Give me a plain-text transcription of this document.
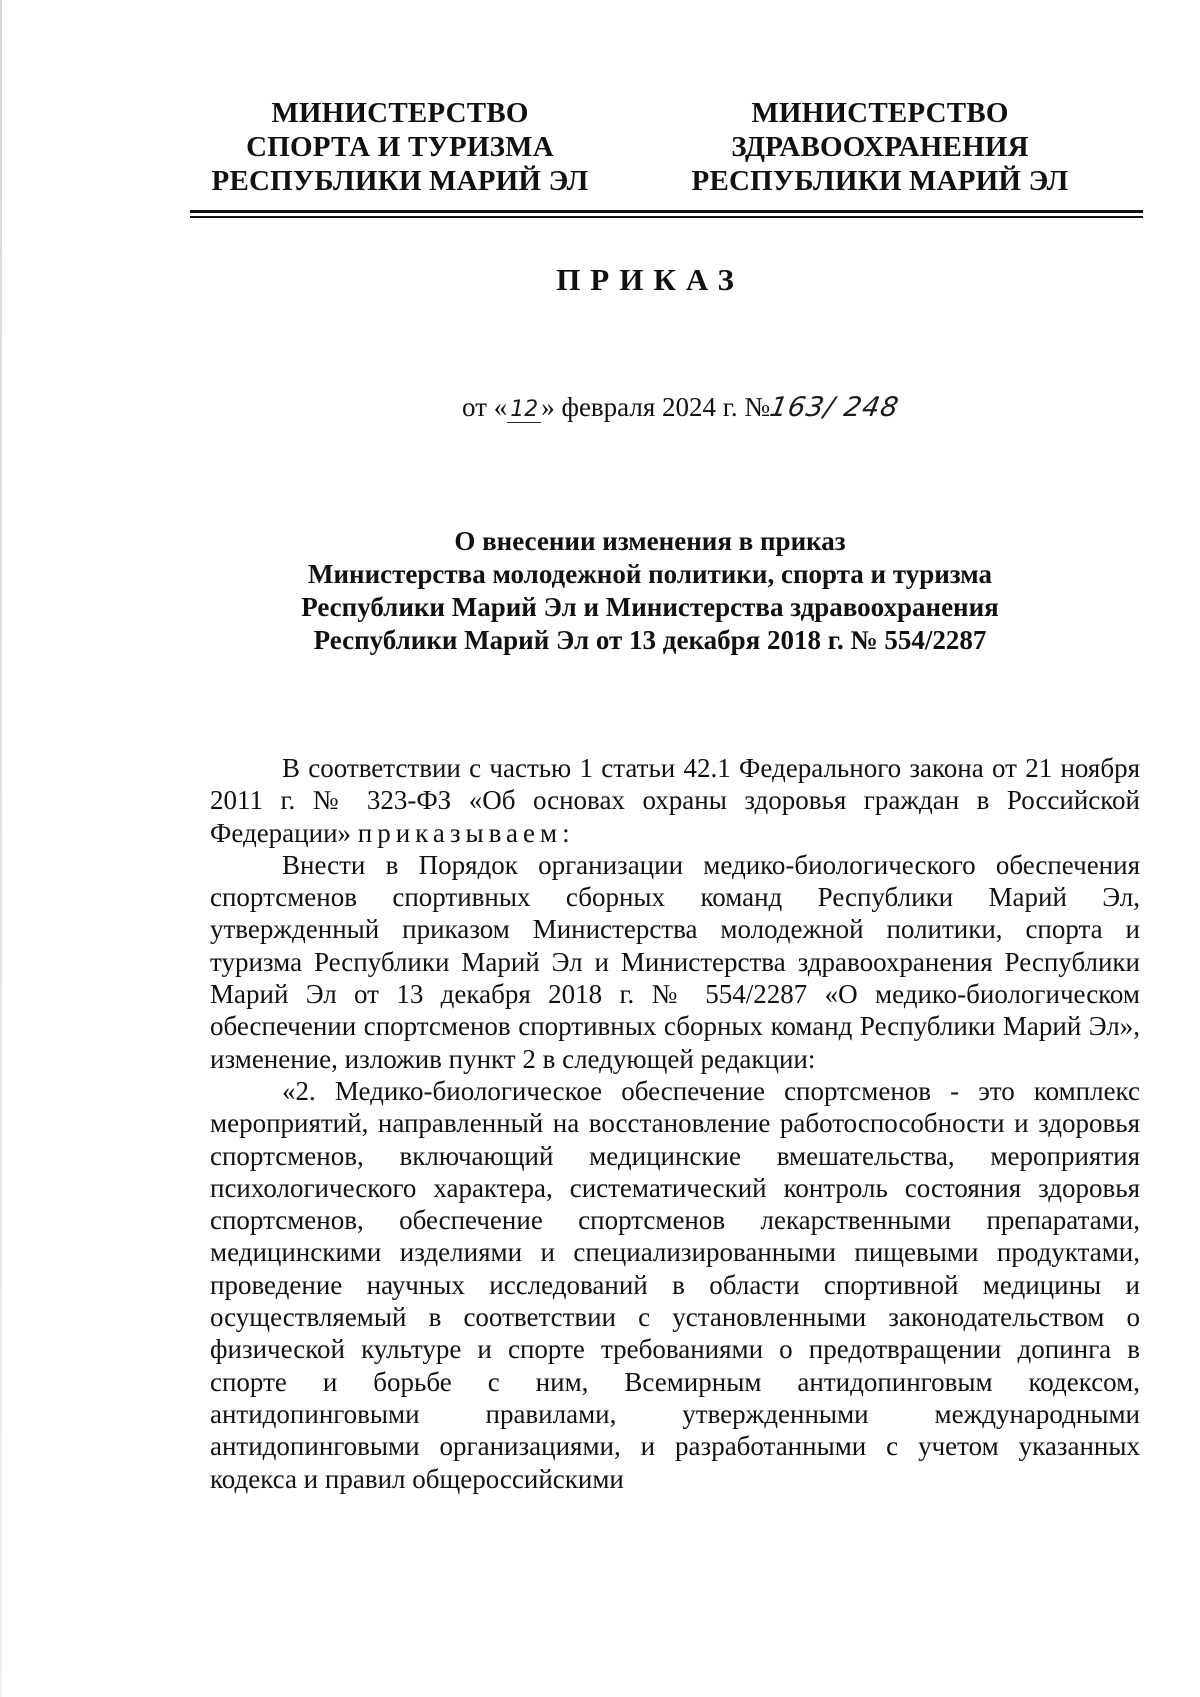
МИНИСТЕРСТВО
СПОРТА И ТУРИЗМА
РЕСПУБЛИКИ МАРИЙ ЭЛ
МИНИСТЕРСТВО
ЗДРАВООХРАНЕНИЯ
РЕСПУБЛИКИ МАРИЙ ЭЛ
ПРИКАЗ
от « 12 » февраля 2024 г. №163/ 248
О внесении изменения в приказ
Министерства молодежной политики, спорта и туризма
Республики Марий Эл и Министерства здравоохранения
Республики Марий Эл от 13 декабря 2018 г. № 554/2287

В соответствии с частью 1 статьи 42.1 Федерального закона от 21 ноября 2011 г. № 323-ФЗ «Об основах охраны здоровья граждан в Российской Федерации» приказываем:

Внести в Порядок организации медико-биологического обеспечения спортсменов спортивных сборных команд Республики Марий Эл, утвержденный приказом Министерства молодежной политики, спорта и туризма Республики Марий Эл и Министерства здравоохранения Республики Марий Эл от 13 декабря 2018 г. № 554/2287 «О медико-биологическом обеспечении спортсменов спортивных сборных команд Республики Марий Эл», изменение, изложив пункт 2 в следующей редакции:

«2. Медико-биологическое обеспечение спортсменов - это комплекс мероприятий, направленный на восстановление работоспособности и здоровья спортсменов, включающий медицинские вмешательства, мероприятия психологического характера, систематический контроль состояния здоровья спортсменов, обеспечение спортсменов лекарственными препаратами, медицинскими изделиями и специализированными пищевыми продуктами, проведение научных исследований в области спортивной медицины и осуществляемый в соответствии с установленными законодательством о физической культуре и спорте требованиями о предотвращении допинга в спорте и борьбе с ним, Всемирным антидопинговым кодексом, антидопинговыми правилами, утвержденными международными антидопинговыми организациями, и разработанными с учетом указанных кодекса и правил общероссийскими
